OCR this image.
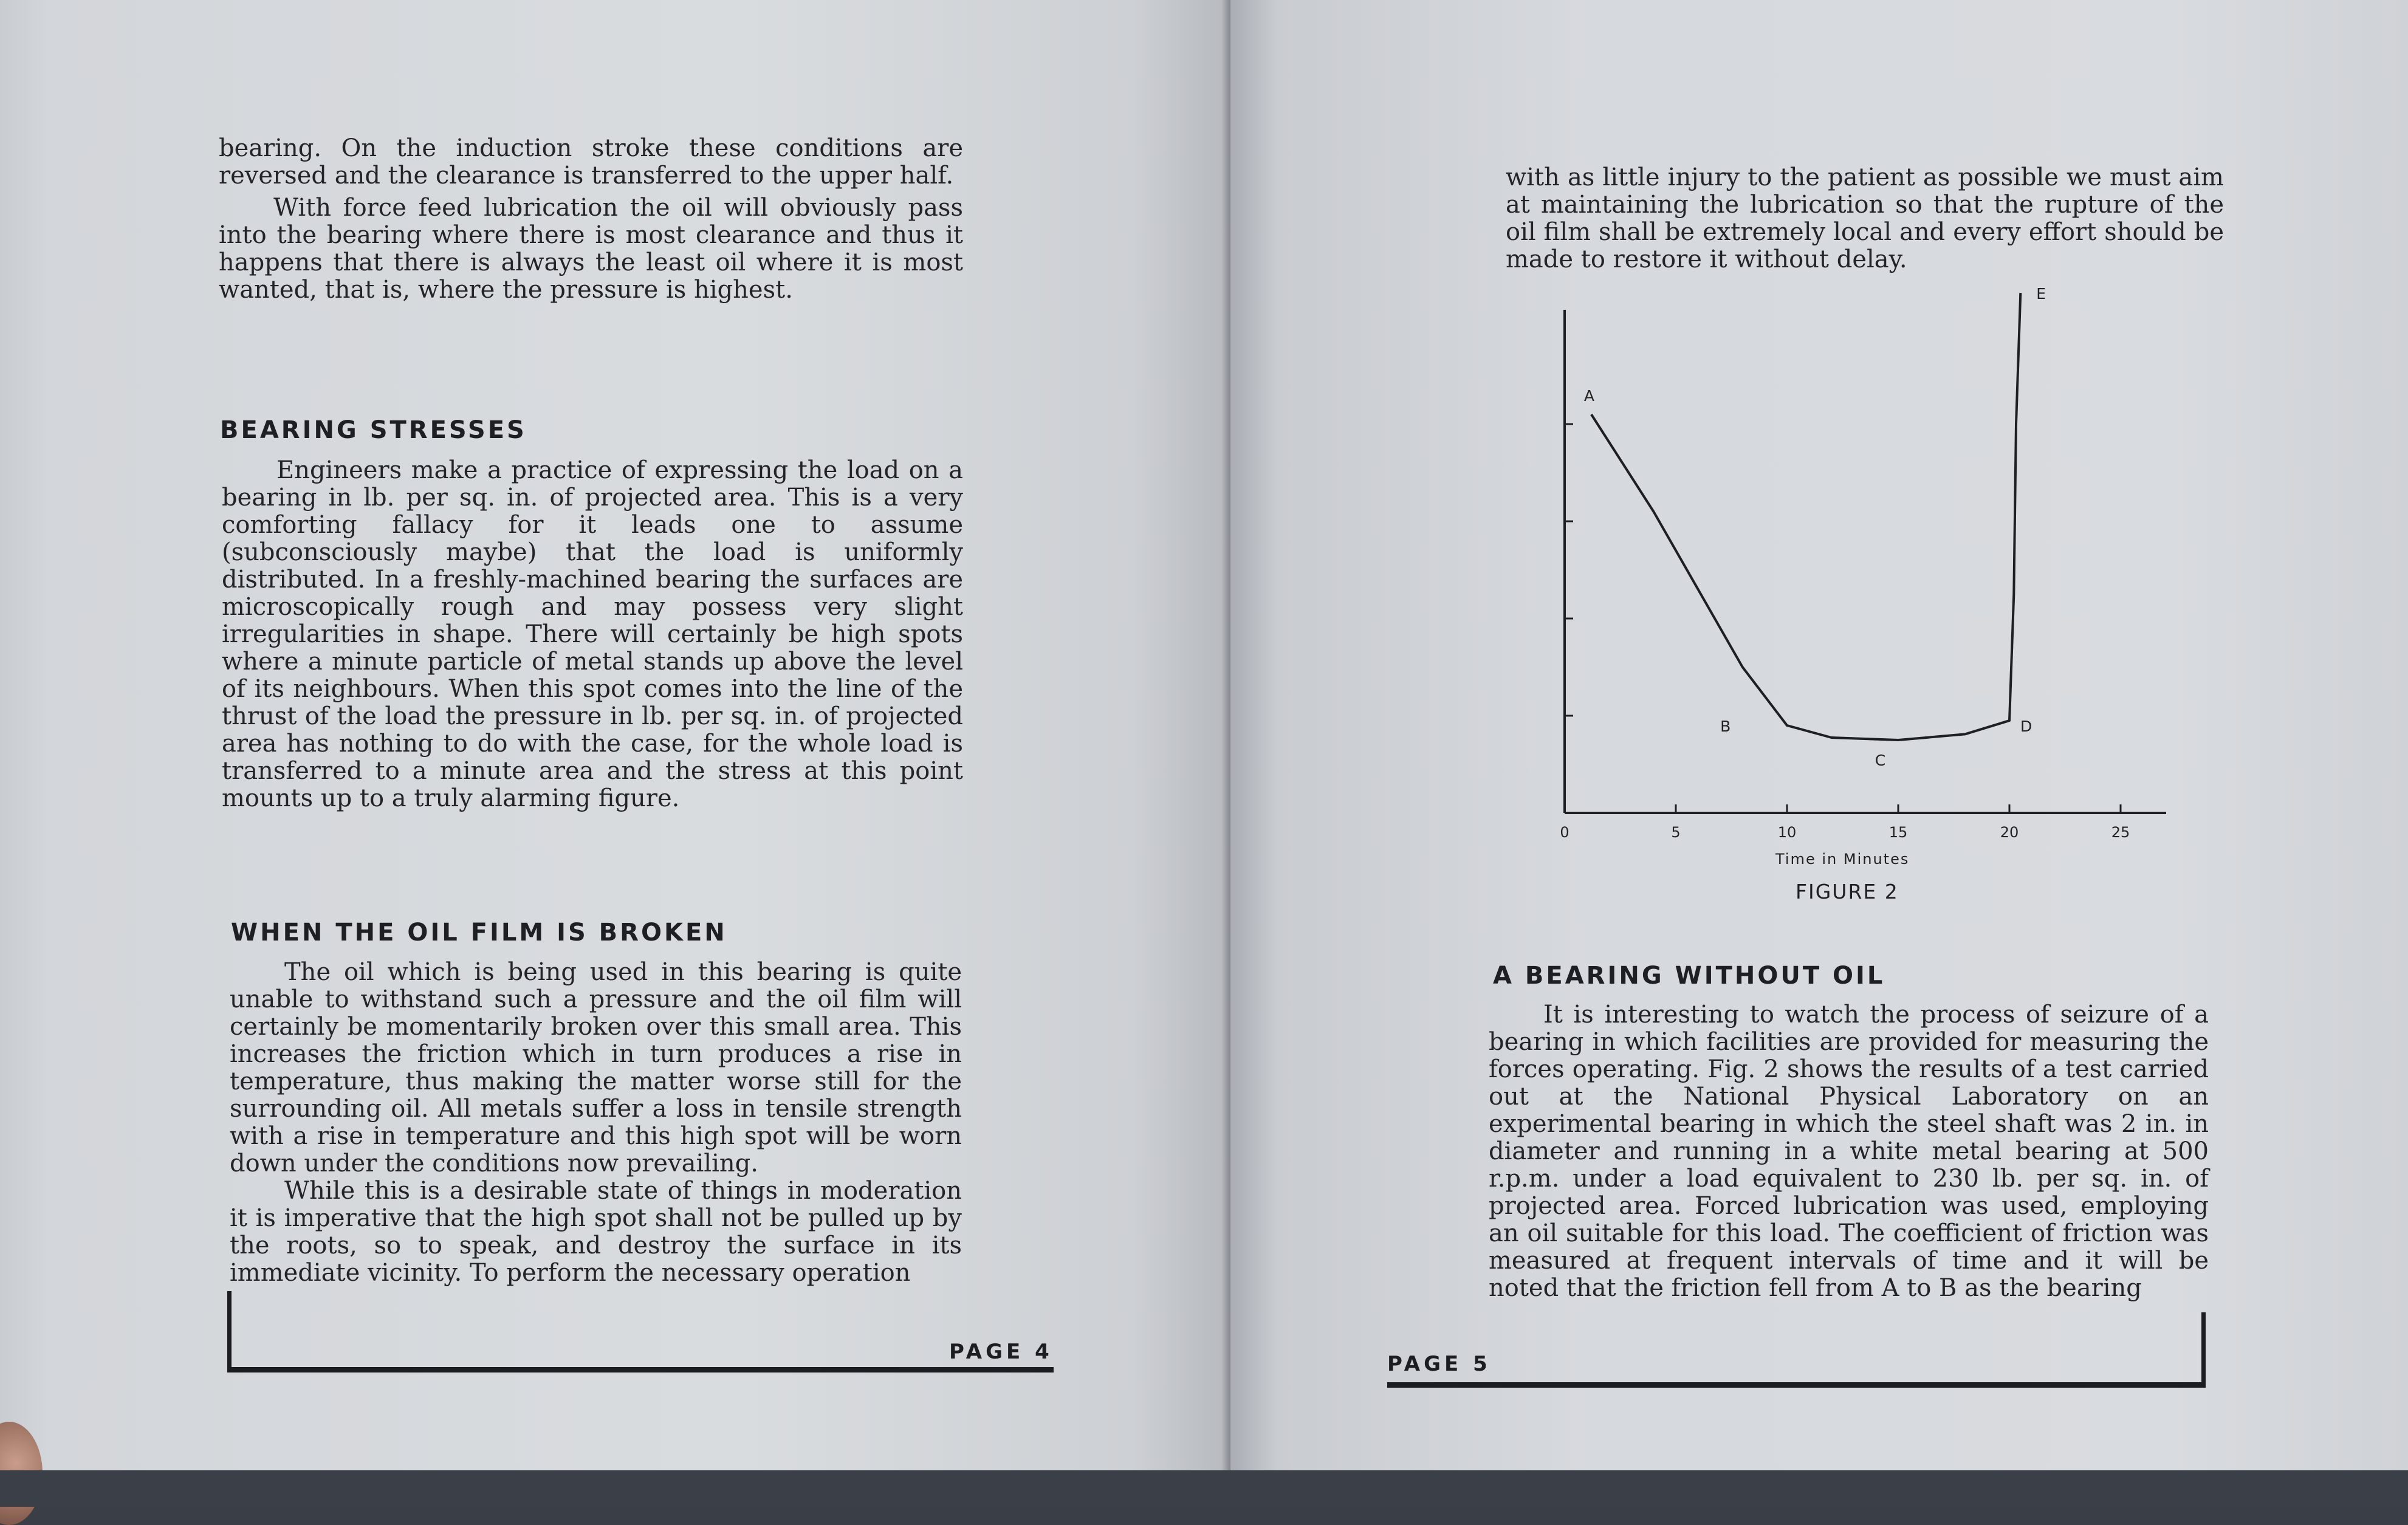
bearing. On the induction stroke these conditions are reversed and the clearance is transferred to the upper half.

With force feed lubrication the oil will obviously pass into the bearing where there is most clearance and thus it happens that there is always the least oil where it is most wanted, that is, where the pressure is highest.

BEARING STRESSES

Engineers make a practice of expressing the load on a bearing in lb. per sq. in. of projected area. This is a very comforting fallacy for it leads one to assume (subconsciously maybe) that the load is uniformly distributed. In a freshly-machined bearing the surfaces are microscopically rough and may possess very slight irregularities in shape. There will certainly be high spots where a minute particle of metal stands up above the level of its neighbours. When this spot comes into the line of the thrust of the load the pressure in lb. per sq. in. of projected area has nothing to do with the case, for the whole load is transferred to a minute area and the stress at this point mounts up to a truly alarming figure.

WHEN THE OIL FILM IS BROKEN

The oil which is being used in this bearing is quite unable to withstand such a pressure and the oil film will certainly be momentarily broken over this small area. This increases the friction which in turn produces a rise in temperature, thus making the matter worse still for the surrounding oil. All metals suffer a loss in tensile strength with a rise in temperature and this high spot will be worn down under the conditions now prevailing.

While this is a desirable state of things in moderation it is imperative that the high spot shall not be pulled up by the roots, so to speak, and destroy the surface in its immediate vicinity. To perform the necessary operation

PAGE 4

with as little injury to the patient as possible we must aim at maintaining the lubrication so that the rupture of the oil film shall be extremely local and every effort should be made to restore it without delay.

0	5	10	15	20	25
A
B
C
D
E
Time in Minutes
FIGURE 2
A BEARING WITHOUT OIL

It is interesting to watch the process of seizure of a bearing in which facilities are provided for measuring the forces operating. Fig. 2 shows the results of a test carried out at the National Physical Laboratory on an experimental bearing in which the steel shaft was 2 in. in diameter and running in a white metal bearing at 500 r.p.m. under a load equivalent to 230 lb. per sq. in. of projected area. Forced lubrication was used, employing an oil suitable for this load. The coefficient of friction was measured at frequent intervals of time and it will be noted that the friction fell from A to B as the bearing

PAGE 5
